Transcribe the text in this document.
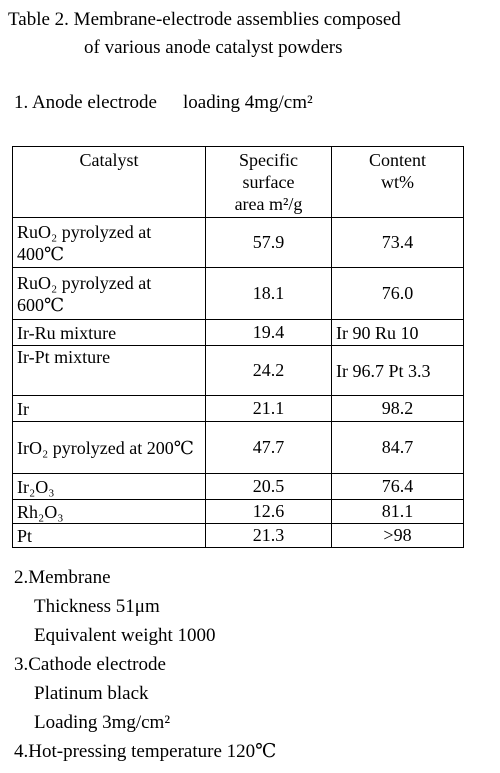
Table 2. Membrane-electrode assemblies composed
of various anode catalyst powders
1. Anode electrode loading 4mg/cm²
Catalyst	Specific surface area m²/g	Content wt%
RuO₂ pyrolyzed at 400℃	57.9	73.4
RuO₂ pyrolyzed at 600℃	18.1	76.0
Ir-Ru mixture	19.4	Ir 90 Ru 10
Ir-Pt mixture	24.2	Ir 96.7 Pt 3.3
Ir	21.1	98.2
IrO₂ pyrolyzed at 200℃	47.7	84.7
Ir₂O₃	20.5	76.4
Rh₂O₃	12.6	81.1
Pt	21.3	>98
2.Membrane
Thickness 51μm
Equivalent weight 1000
3.Cathode electrode
Platinum black
Loading 3mg/cm²
4.Hot-pressing temperature 120℃
